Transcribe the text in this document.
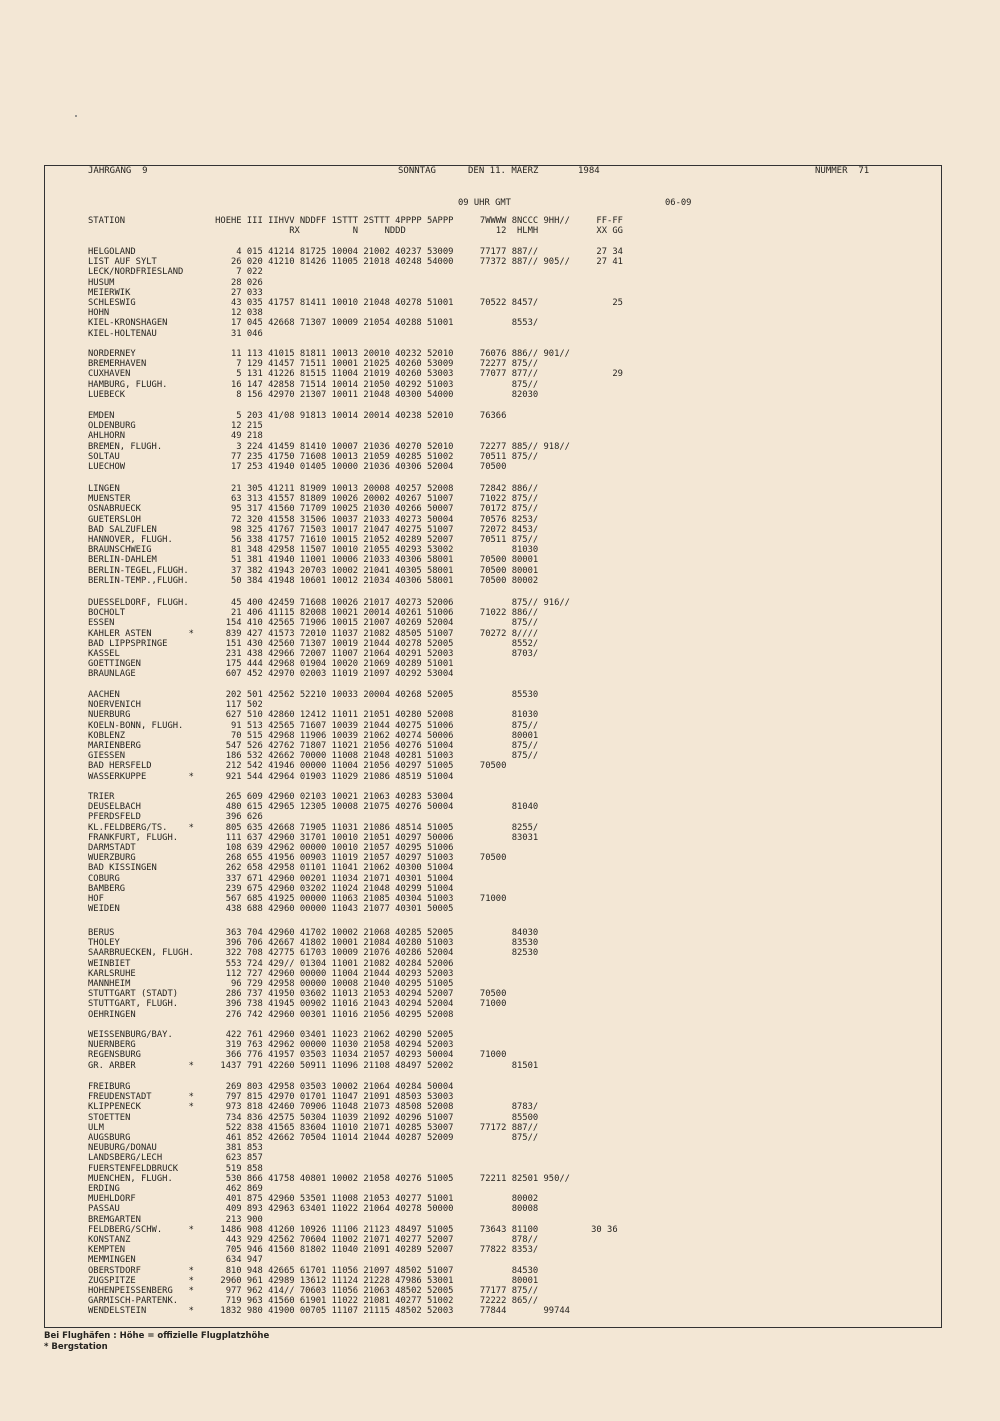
JAHRGANG  9	SONNTAG	DEN 11. MAERZ	1984	NUMMER  71
09 UHR GMT	06-09
STATION                 HOEHE III IIHVV NDDFF 1STTT 2STTT 4PPPP 5APPP     7WWWW 8NCCC 9HH//     FF-FF
RX          N     NDDD                 12  HLMH           XX GG
HELGOLAND                   4 015 41214 81725 10004 21002 40237 53009     77177 887//           27 34
LIST AUF SYLT              26 020 41210 81426 11005 21018 40248 54000     77372 887// 905//     27 41
LECK/NORDFRIESLAND          7 022
HUSUM                      28 026
MEIERWIK                   27 033
SCHLESWIG                  43 035 41757 81411 10010 21048 40278 51001     70522 8457/              25
HOHN                       12 038
KIEL-KRONSHAGEN            17 045 42668 71307 10009 21054 40288 51001           8553/
KIEL-HOLTENAU              31 046
NORDERNEY                  11 113 41015 81811 10013 20010 40232 52010     76076 886// 901//
BREMERHAVEN                 7 129 41457 71511 10001 21025 40260 53009     72277 875//
CUXHAVEN                    5 131 41226 81515 11004 21019 40260 53003     77077 877//              29
HAMBURG, FLUGH.            16 147 42858 71514 10014 21050 40292 51003           875//
LUEBECK                     8 156 42970 21307 10011 21048 40300 54000           82030
EMDEN                       5 203 41/08 91813 10014 20014 40238 52010     76366
OLDENBURG                  12 215
AHLHORN                    49 218
BREMEN, FLUGH.              3 224 41459 81410 10007 21036 40270 52010     72277 885// 918//
SOLTAU                     77 235 41750 71608 10013 21059 40285 51002     70511 875//
LUECHOW                    17 253 41940 01405 10000 21036 40306 52004     70500
LINGEN                     21 305 41211 81909 10013 20008 40257 52008     72842 886//
MUENSTER                   63 313 41557 81809 10026 20002 40267 51007     71022 875//
OSNABRUECK                 95 317 41560 71709 10025 21030 40266 50007     70172 875//
GUETERSLOH                 72 320 41558 31506 10037 21033 40273 50004     70576 8253/
BAD SALZUFLEN              98 325 41767 71503 10017 21047 40275 51007     72072 8453/
HANNOVER, FLUGH.           56 338 41757 71610 10015 21052 40289 52007     70511 875//
BRAUNSCHWEIG               81 348 42958 11507 10010 21055 40293 53002           81030
BERLIN-DAHLEM              51 381 41940 11001 10006 21033 40306 58001     70500 80001
BERLIN-TEGEL,FLUGH.        37 382 41943 20703 10002 21041 40305 58001     70500 80001
BERLIN-TEMP.,FLUGH.        50 384 41948 10601 10012 21034 40306 58001     70500 80002
DUESSELDORF, FLUGH.        45 400 42459 71608 10026 21017 40273 52006           875// 916//
BOCHOLT                    21 406 41115 82008 10021 20014 40261 51006     71022 886//
ESSEN                     154 410 42565 71906 10015 21007 40269 52004           875//
KAHLER ASTEN       *      839 427 41573 72010 11037 21082 48505 51007     70272 8////
BAD LIPPSPRINGE           151 430 42560 71307 10019 21044 40278 52005           8552/
KASSEL                    231 438 42966 72007 11007 21064 40291 52003           8703/
GOETTINGEN                175 444 42968 01904 10020 21069 40289 51001
BRAUNLAGE                 607 452 42970 02003 11019 21097 40292 53004
AACHEN                    202 501 42562 52210 10033 20004 40268 52005           85530
NOERVENICH                117 502
NUERBURG                  627 510 42860 12412 11011 21051 40280 52008           81030
KOELN-BONN, FLUGH.         91 513 42565 71607 10039 21044 40275 51006           875//
KOBLENZ                    70 515 42968 11906 10039 21062 40274 50006           80001
MARIENBERG                547 526 42762 71807 11021 21056 40276 51004           875//
GIESSEN                   186 532 42662 70000 11008 21048 40281 51003           875//
BAD HERSFELD              212 542 41946 00000 11004 21056 40297 51005     70500
WASSERKUPPE        *      921 544 42964 01903 11029 21086 48519 51004
TRIER                     265 609 42960 02103 10021 21063 40283 53004
DEUSELBACH                480 615 42965 12305 10008 21075 40276 50004           81040
PFERDSFELD                396 626
KL.FELDBERG/TS.    *      805 635 42668 71905 11031 21086 48514 51005           8255/
FRANKFURT, FLUGH.         111 637 42960 31701 10010 21051 40297 50006           83031
DARMSTADT                 108 639 42962 00000 10010 21057 40295 51006
WUERZBURG                 268 655 41956 00903 11019 21057 40297 51003     70500
BAD KISSINGEN             262 658 42958 01101 11041 21062 40300 51004
COBURG                    337 671 42960 00201 11034 21071 40301 51004
BAMBERG                   239 675 42960 03202 11024 21048 40299 51004
HOF                       567 685 41925 00000 11063 21085 40304 51003     71000
WEIDEN                    438 688 42960 00000 11043 21077 40301 50005
BERUS                     363 704 42960 41702 10002 21068 40285 52005           84030
THOLEY                    396 706 42667 41802 10001 21084 40280 51003           83530
SAARBRUECKEN, FLUGH.      322 708 42775 61703 10009 21076 40286 52004           82530
WEINBIET                  553 724 429// 01304 11001 21082 40284 52006
KARLSRUHE                 112 727 42960 00000 11004 21044 40293 52003
MANNHEIM                   96 729 42958 00000 10008 21040 40295 51005
STUTTGART (STADT)         286 737 41950 03602 11013 21053 40294 52007     70500
STUTTGART, FLUGH.         396 738 41945 00902 11016 21043 40294 52004     71000
OEHRINGEN                 276 742 42960 00301 11016 21056 40295 52008
WEISSENBURG/BAY.          422 761 42960 03401 11023 21062 40290 52005
NUERNBERG                 319 763 42962 00000 11030 21058 40294 52003
REGENSBURG                366 776 41957 03503 11034 21057 40293 50004     71000
GR. ARBER          *     1437 791 42260 50911 11096 21108 48497 52002           81501
FREIBURG                  269 803 42958 03503 10002 21064 40284 50004
FREUDENSTADT       *      797 815 42970 01701 11047 21091 48503 53003
KLIPPENECK         *      973 818 42460 70906 11048 21073 48508 52008           8783/
STOETTEN                  734 836 42575 50304 11039 21092 40296 51007           85500
ULM                       522 838 41565 83604 11010 21071 40285 53007     77172 887//
AUGSBURG                  461 852 42662 70504 11014 21044 40287 52009           875//
NEUBURG/DONAU             381 853
LANDSBERG/LECH            623 857
FUERSTENFELDBRUCK         519 858
MUENCHEN, FLUGH.          530 866 41758 40801 10002 21058 40276 51005     72211 82501 950//
ERDING                    462 869
MUEHLDORF                 401 875 42960 53501 11008 21053 40277 51001           80002
PASSAU                    409 893 42963 63401 11022 21064 40278 50000           80008
BREMGARTEN                213 900
FELDBERG/SCHW.     *     1486 908 41260 10926 11106 21123 48497 51005     73643 81100          30 36
KONSTANZ                  443 929 42562 70604 11002 21071 40277 52007           878//
KEMPTEN                   705 946 41560 81802 11040 21091 40289 52007     77822 8353/
MEMMINGEN                 634 947
OBERSTDORF         *      810 948 42665 61701 11056 21097 48502 51007           84530
ZUGSPITZE          *     2960 961 42989 13612 11124 21228 47986 53001           80001
HOHENPEISSENBERG   *      977 962 414// 70603 11056 21063 48502 52005     77177 875//
GARMISCH-PARTENK.         719 963 41560 61901 11022 21081 40277 51002     72222 865//
WENDELSTEIN        *     1832 980 41900 00705 11107 21115 48502 52003     77844       99744
Bei Flughäfen : Höhe = offizielle Flugplatzhöhe
* Bergstation
